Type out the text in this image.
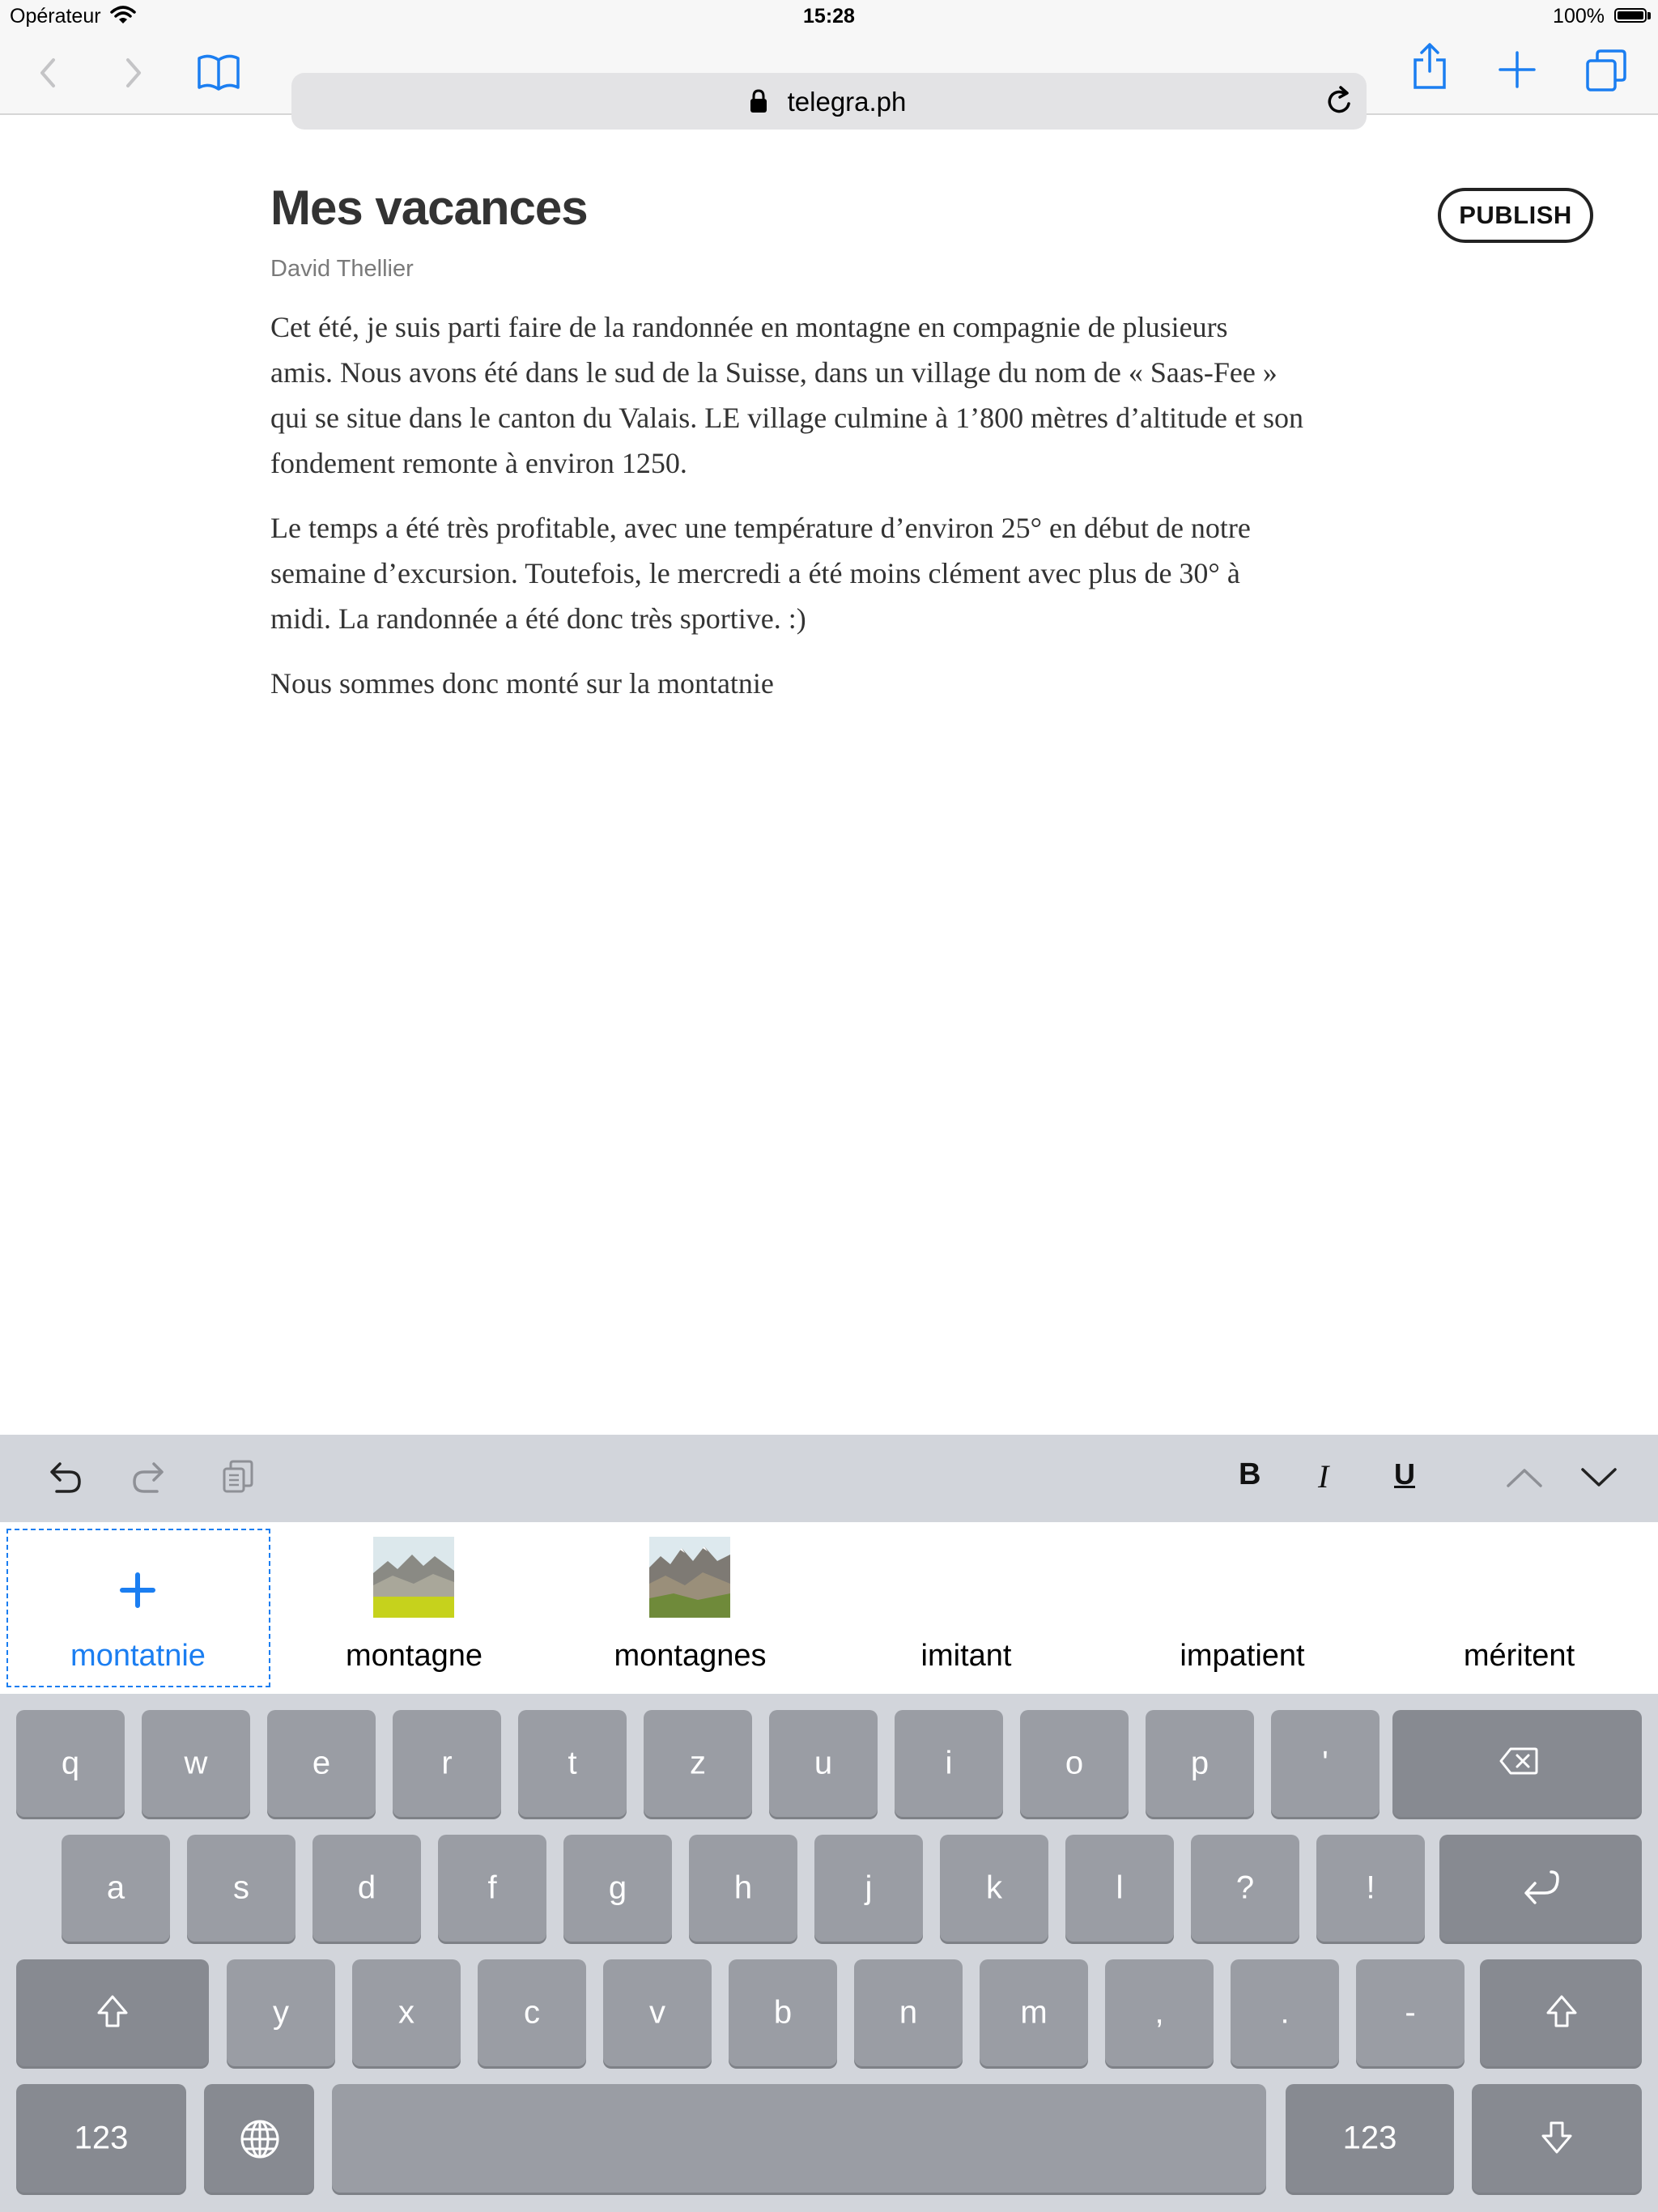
Opérateur	15:28	100%
telegra.ph
Mes vacances	PUBLISH
David Thellier
Cet été, je suis parti faire de la randonnée en montagne en compagnie de plusieurs
amis. Nous avons été dans le sud de la Suisse, dans un village du nom de « Saas-Fee »
qui se situe dans le canton du Valais. LE village culmine à 1’800 mètres d’altitude et son
fondement remonte à environ 1250.
Le temps a été très profitable, avec une température d’environ 25° en début de notre
semaine d’excursion. Toutefois, le mercredi a été moins clément avec plus de 30° à
midi. La randonnée a été donc très sportive. :)
Nous sommes donc monté sur la montatnie
B I U
montatnie	montagne	montagnes	imitant	impatient	méritent
q	w	e	r	t	z	u	i	o	p	'
a	s	d	f	g	h	j	k	l	?	!
y	x	c	v	b	n	m	,	.	-
123	123
